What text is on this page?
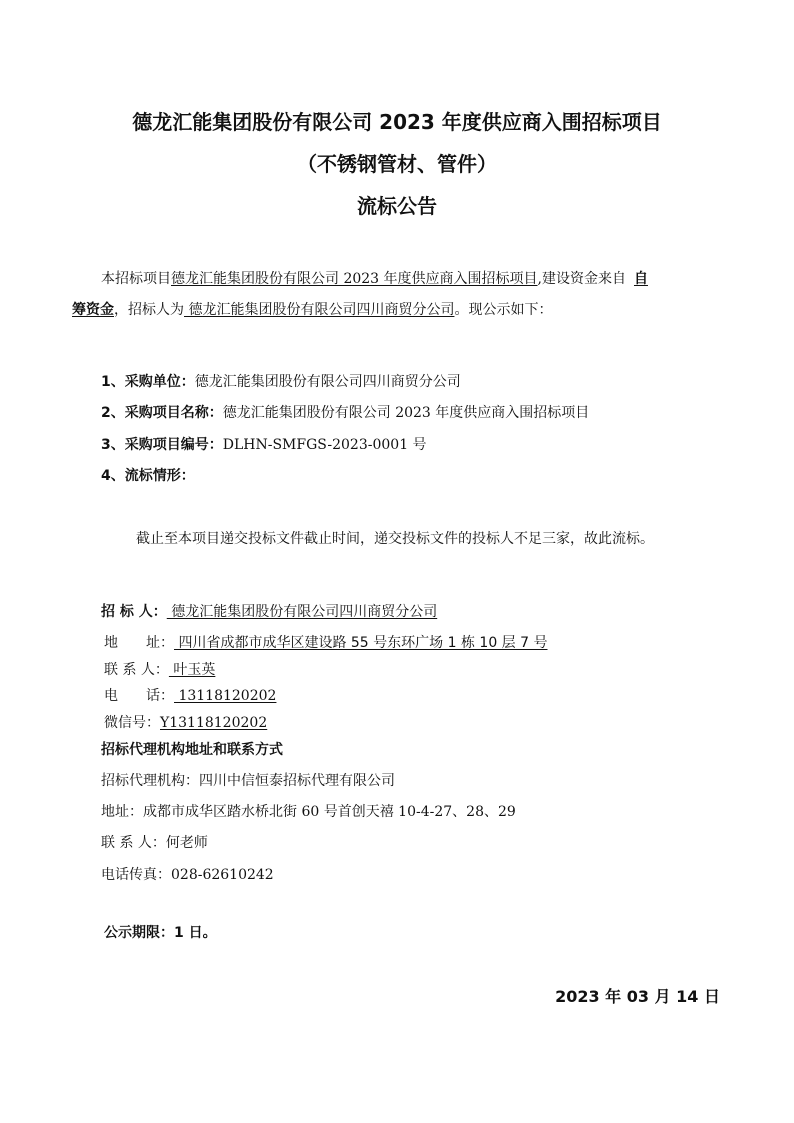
德龙汇能集团股份有限公司 2023 年度供应商入围招标项目
（不锈钢管材、管件）
流标公告
本招标项目德龙汇能集团股份有限公司 2023 年度供应商入围招标项目,建设资金来自 自
筹资金，招标人为 德龙汇能集团股份有限公司四川商贸分公司。现公示如下：
1、采购单位：德龙汇能集团股份有限公司四川商贸分公司
2、采购项目名称：德龙汇能集团股份有限公司 2023 年度供应商入围招标项目
3、采购项目编号：DLHN-SMFGS-2023-0001 号
4、流标情形：
截止至本项目递交投标文件截止时间，递交投标文件的投标人不足三家，故此流标。
招 标 人： 德龙汇能集团股份有限公司四川商贸分公司
地　　址： 四川省成都市成华区建设路 55 号东环广场 1 栋 10 层 7 号
联 系 人： 叶玉英
电　　话： 13118120202
微信号：Y13118120202
招标代理机构地址和联系方式
招标代理机构：四川中信恒泰招标代理有限公司
地址：成都市成华区踏水桥北街 60 号首创天禧 10-4-27、28、29
联 系 人：何老师
电话传真：028-62610242
公示期限：1 日。
2023 年 03 月 14 日
